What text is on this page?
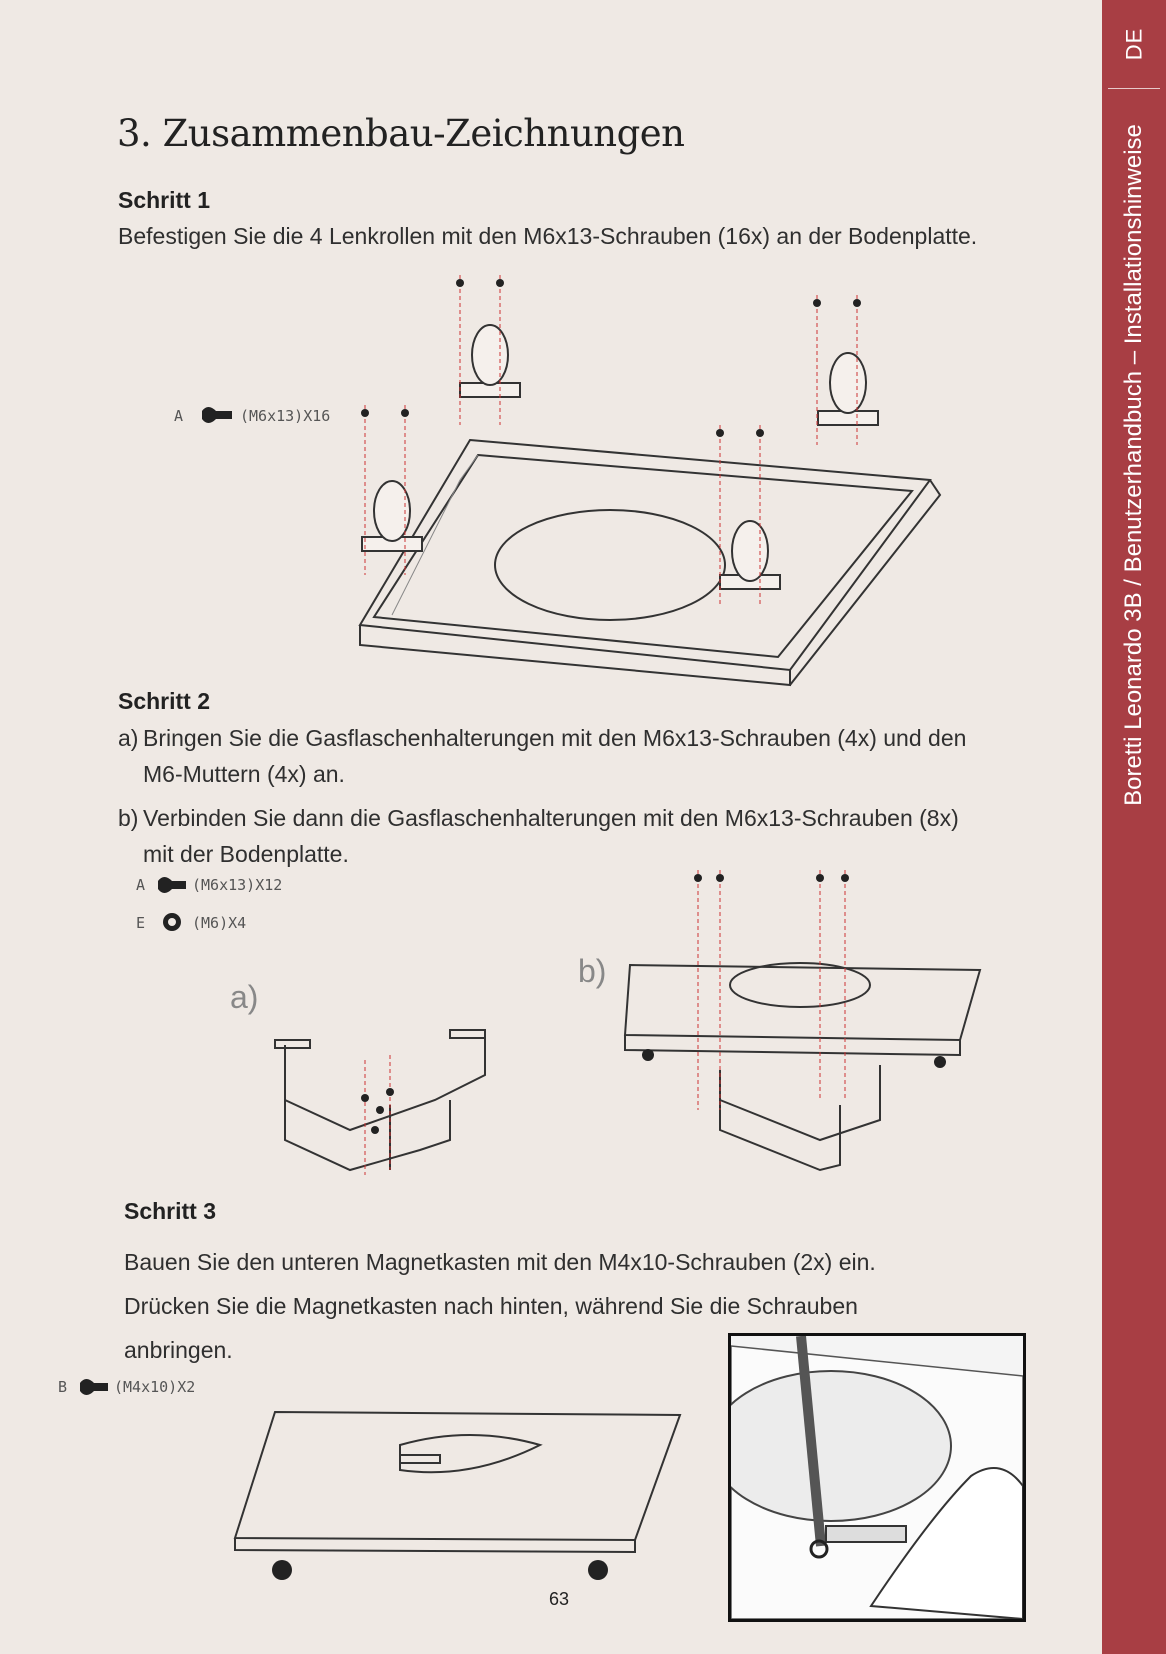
DE
Boretti Leonardo 3B / Benutzerhandbuch – Installationshinweise
3. Zusammenbau-Zeichnungen
Schritt 1
Befestigen Sie die 4 Lenkrollen mit den M6x13-Schrauben (16x) an der Bodenplatte.
A	(M6x13)X16
Schritt 2
a) Bringen Sie die Gasflaschenhalterungen mit den M6x13-Schrauben (4x) und den
M6-Muttern (4x) an.
b) Verbinden Sie dann die Gasflaschenhalterungen mit den M6x13-Schrauben (8x)
mit der Bodenplatte.
A	(M6x13)X12
E	(M6)X4
a)
b)
Schritt 3
Bauen Sie den unteren Magnetkasten mit den M4x10-Schrauben (2x) ein.
Drücken Sie die Magnetkasten nach hinten, während Sie die Schrauben
anbringen.
B	(M4x10)X2
63
